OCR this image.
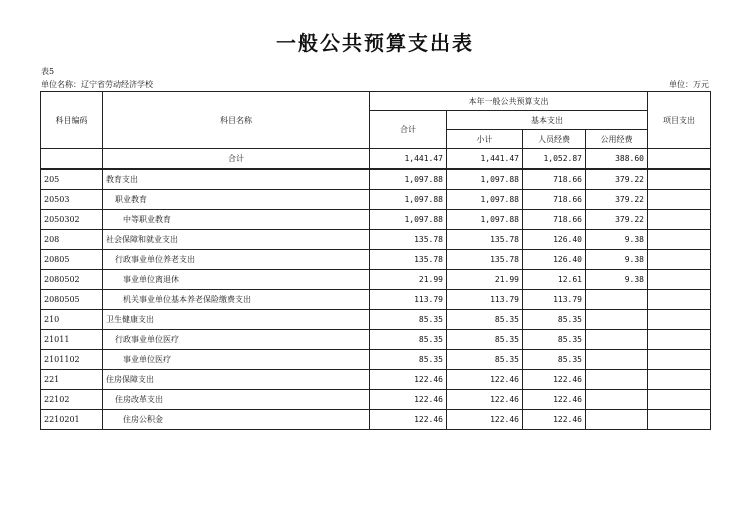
一般公共预算支出表
表5
单位名称：辽宁省劳动经济学校	单位：万元
科目编码	科目名称	本年一般公共预算支出				项目支出
		合计	基本支出			
			小计	人员经费	公用经费	
	合计	1,441.47	1,441.47	1,052.87	388.60	
205	教育支出	1,097.88	1,097.88	718.66	379.22	
20503	职业教育	1,097.88	1,097.88	718.66	379.22	
2050302	中等职业教育	1,097.88	1,097.88	718.66	379.22	
208	社会保障和就业支出	135.78	135.78	126.40	9.38	
20805	行政事业单位养老支出	135.78	135.78	126.40	9.38	
2080502	事业单位离退休	21.99	21.99	12.61	9.38	
2080505	机关事业单位基本养老保险缴费支出	113.79	113.79	113.79		
210	卫生健康支出	85.35	85.35	85.35		
21011	行政事业单位医疗	85.35	85.35	85.35		
2101102	事业单位医疗	85.35	85.35	85.35		
221	住房保障支出	122.46	122.46	122.46		
22102	住房改革支出	122.46	122.46	122.46		
2210201	住房公积金	122.46	122.46	122.46		
